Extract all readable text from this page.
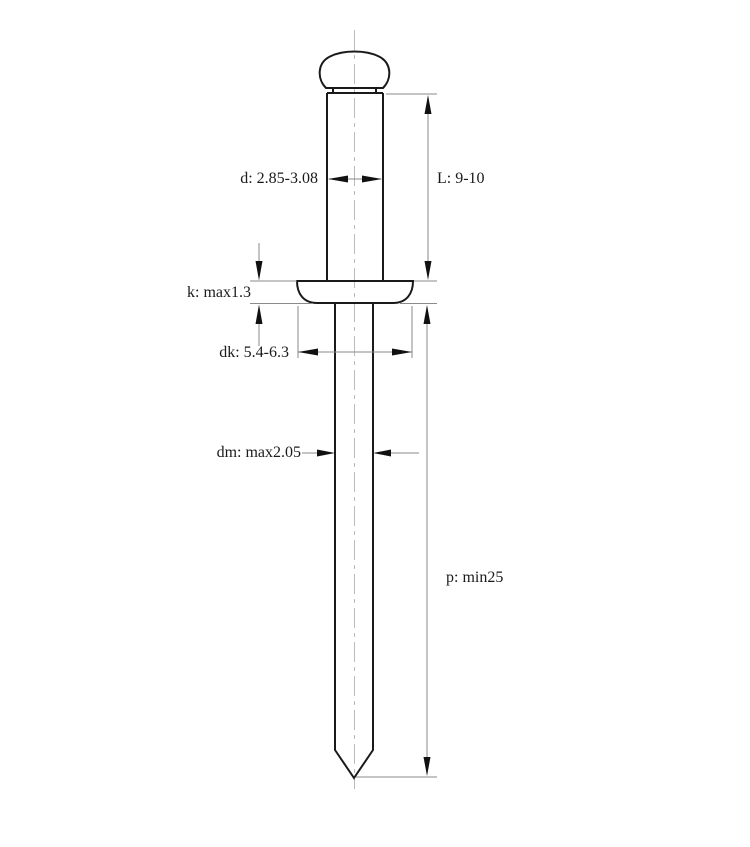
d: 2.85-3.08	L: 9-10
k: max1.3
dk: 5.4-6.3
dm: max2.05
p: min25
